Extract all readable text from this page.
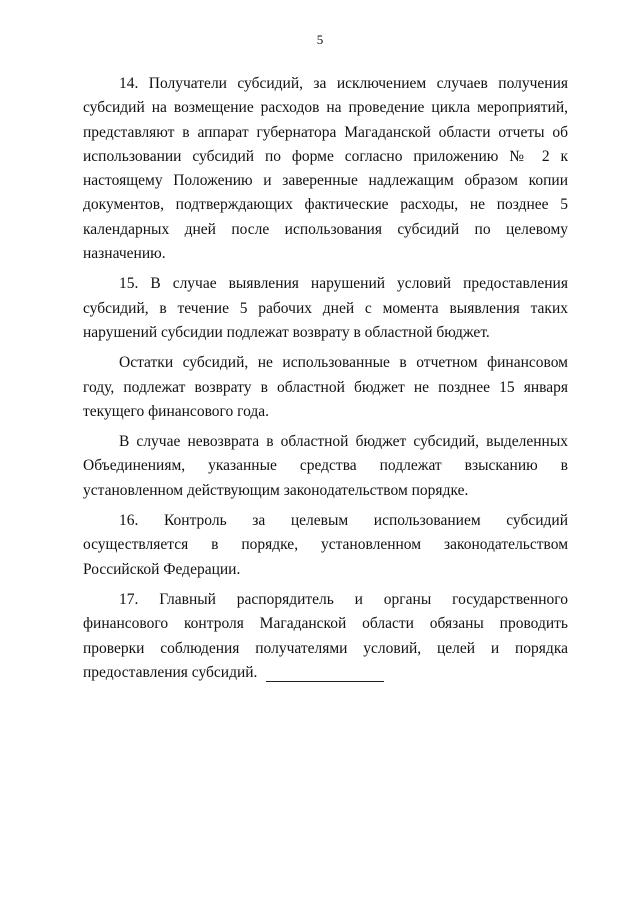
5

14. Получатели субсидий, за исключением случаев получения субсидий на возмещение расходов на проведение цикла мероприятий, представляют в аппарат губернатора Магаданской области отчеты об использовании субсидий по форме согласно приложению № 2 к настоящему Положению и заверенные надлежащим образом копии документов, подтверждающих фактические расходы, не позднее 5 календарных дней после использования субсидий по целевому назначению.

15. В случае выявления нарушений условий предоставления субсидий, в течение 5 рабочих дней с момента выявления таких нарушений субсидии подлежат возврату в областной бюджет.

Остатки субсидий, не использованные в отчетном финансовом году, подлежат возврату в областной бюджет не позднее 15 января текущего финансового года.

В случае невозврата в областной бюджет субсидий, выделенных Объединениям, указанные средства подлежат взысканию в установленном действующим законодательством порядке.

16. Контроль за целевым использованием субсидий осуществляется в порядке, установленном законодательством Российской Федерации.

17. Главный распорядитель и органы государственного финансового контроля Магаданской области обязаны проводить проверки соблюдения получателями условий, целей и порядка предоставления субсидий.
